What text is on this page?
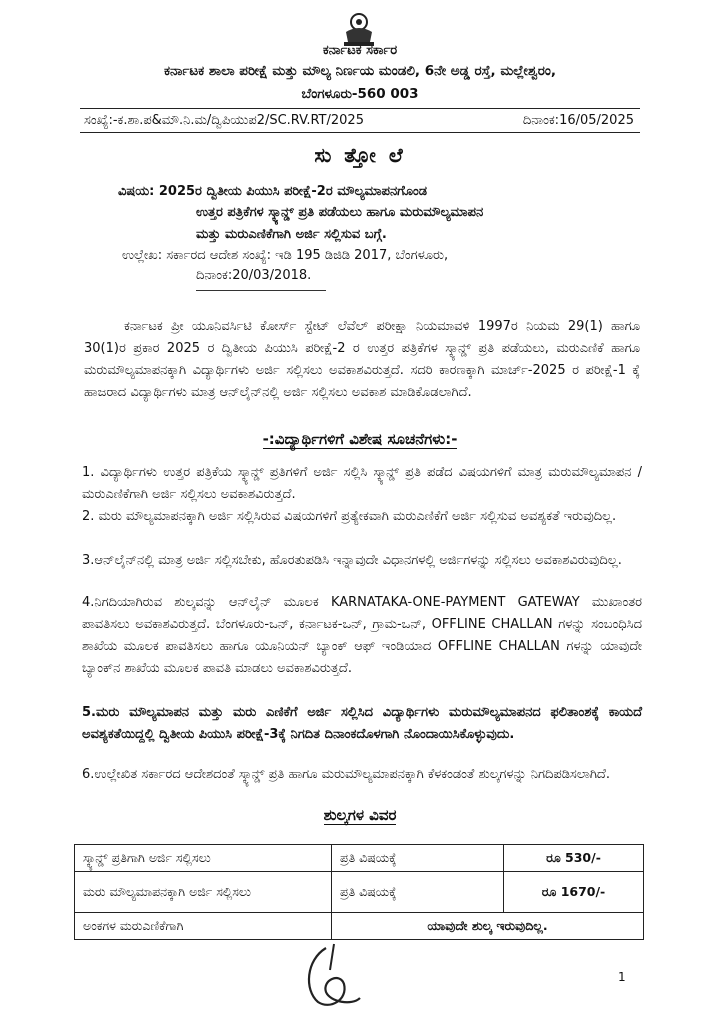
ಕರ್ನಾಟಕ ಸರ್ಕಾರ
ಕರ್ನಾಟಕ ಶಾಲಾ ಪರೀಕ್ಷೆ ಮತ್ತು ಮೌಲ್ಯ ನಿರ್ಣಯ ಮಂಡಲಿ, 6ನೇ ಅಡ್ಡ ರಸ್ತೆ, ಮಲ್ಲೇಶ್ವರಂ,
ಬೆಂಗಳೂರು-560 003
ಸಂಖ್ಯೆ:-ಕ.ಶಾ.ಪ&ಮೌ.ನಿ.ಮ/ದ್ವಿಪಿಯುಪ2/SC.RV.RT/2025	ದಿನಾಂಕ:16/05/2025
ಸು ತ್ತೋ ಲೆ
ವಿಷಯ: 2025ರ ದ್ವಿತೀಯ ಪಿಯುಸಿ ಪರೀಕ್ಷೆ-2ರ ಮೌಲ್ಯಮಾಪನಗೊಂಡ
ಉತ್ತರ ಪತ್ರಿಕೆಗಳ ಸ್ಕ್ಯಾನ್ಡ್ ಪ್ರತಿ ಪಡೆಯಲು ಹಾಗೂ ಮರುಮೌಲ್ಯಮಾಪನ
ಮತ್ತು ಮರುಎಣಿಕೆಗಾಗಿ ಅರ್ಜಿ ಸಲ್ಲಿಸುವ ಬಗ್ಗೆ.
ಉಲ್ಲೇಖ: ಸರ್ಕಾರದ ಆದೇಶ ಸಂಖ್ಯೆ: ಇಡಿ 195 ಡಿಜಿಡಿ 2017, ಬೆಂಗಳೂರು,
ದಿನಾಂಕ:20/03/2018.
ಕರ್ನಾಟಕ ಪ್ರೀ ಯೂನಿವರ್ಸಿಟಿ ಕೋರ್ಸ್ ಸ್ಟೇಟ್ ಲೆವೆಲ್ ಪರೀಕ್ಷಾ ನಿಯಮಾವಳಿ 1997ರ ನಿಯಮ 29(1) ಹಾಗೂ 30(1)ರ ಪ್ರಕಾರ 2025 ರ ದ್ವಿತೀಯ ಪಿಯುಸಿ ಪರೀಕ್ಷೆ-2 ರ ಉತ್ತರ ಪತ್ರಿಕೆಗಳ ಸ್ಕ್ಯಾನ್ಡ್ ಪ್ರತಿ ಪಡೆಯಲು, ಮರುಎಣಿಕೆ ಹಾಗೂ ಮರುಮೌಲ್ಯಮಾಪನಕ್ಕಾಗಿ ವಿದ್ಯಾರ್ಥಿಗಳು ಅರ್ಜಿ ಸಲ್ಲಿಸಲು ಅವಕಾಶವಿರುತ್ತದೆ. ಸದರಿ ಕಾರಣಕ್ಕಾಗಿ ಮಾರ್ಚ್-2025 ರ ಪರೀಕ್ಷೆ-1 ಕ್ಕೆ ಹಾಜರಾದ ವಿದ್ಯಾರ್ಥಿಗಳು ಮಾತ್ರ ಆನ್‌ಲೈನ್‌ನಲ್ಲಿ ಅರ್ಜಿ ಸಲ್ಲಿಸಲು ಅವಕಾಶ ಮಾಡಿಕೊಡಲಾಗಿದೆ.
-:ವಿದ್ಯಾರ್ಥಿಗಳಿಗೆ ವಿಶೇಷ ಸೂಚನೆಗಳು:-
1. ವಿದ್ಯಾರ್ಥಿಗಳು ಉತ್ತರ ಪತ್ರಿಕೆಯ ಸ್ಕ್ಯಾನ್ಡ್ ಪ್ರತಿಗಳಿಗೆ ಅರ್ಜಿ ಸಲ್ಲಿಸಿ ಸ್ಕ್ಯಾನ್ಡ್ ಪ್ರತಿ ಪಡೆದ ವಿಷಯಗಳಿಗೆ ಮಾತ್ರ ಮರುಮೌಲ್ಯಮಾಪನ /ಮರುಎಣಿಕೆಗಾಗಿ ಅರ್ಜಿ ಸಲ್ಲಿಸಲು ಅವಕಾಶವಿರುತ್ತದೆ.
2. ಮರು ಮೌಲ್ಯಮಾಪನಕ್ಕಾಗಿ ಅರ್ಜಿ ಸಲ್ಲಿಸಿರುವ ವಿಷಯಗಳಿಗೆ ಪ್ರತ್ಯೇಕವಾಗಿ ಮರುಎಣಿಕೆಗೆ ಅರ್ಜಿ ಸಲ್ಲಿಸುವ ಅವಶ್ಯಕತೆ ಇರುವುದಿಲ್ಲ.
3.ಆನ್‌ಲೈನ್‌ನಲ್ಲಿ ಮಾತ್ರ ಅರ್ಜಿ ಸಲ್ಲಿಸಬೇಕು, ಹೊರತುಪಡಿಸಿ ಇನ್ನಾವುದೇ ವಿಧಾನಗಳಲ್ಲಿ ಅರ್ಜಿಗಳನ್ನು ಸಲ್ಲಿಸಲು ಅವಕಾಶವಿರುವುದಿಲ್ಲ.
4.ನಿಗದಿಯಾಗಿರುವ ಶುಲ್ಕವನ್ನು ಆನ್‌ಲೈನ್ ಮೂಲಕ KARNATAKA-ONE-PAYMENT GATEWAY ಮುಖಾಂತರ ಪಾವತಿಸಲು ಅವಕಾಶವಿರುತ್ತದೆ. ಬೆಂಗಳೂರು-ಒನ್, ಕರ್ನಾಟಕ-ಒನ್, ಗ್ರಾಮ-ಒನ್, OFFLINE CHALLAN ಗಳನ್ನು ಸಂಬಂಧಿಸಿದ ಶಾಖೆಯ ಮೂಲಕ ಪಾವತಿಸಲು ಹಾಗೂ ಯೂನಿಯನ್ ಬ್ಯಾಂಕ್ ಆಫ್ ಇಂಡಿಯಾದ OFFLINE CHALLAN ಗಳನ್ನು ಯಾವುದೇ ಬ್ಯಾಂಕ್‌ನ ಶಾಖೆಯ ಮೂಲಕ ಪಾವತಿ ಮಾಡಲು ಅವಕಾಶವಿರುತ್ತದೆ.
5.ಮರು ಮೌಲ್ಯಮಾಪನ ಮತ್ತು ಮರು ಎಣಿಕೆಗೆ ಅರ್ಜಿ ಸಲ್ಲಿಸಿದ ವಿದ್ಯಾರ್ಥಿಗಳು ಮರುಮೌಲ್ಯಮಾಪನದ ಫಲಿತಾಂಶಕ್ಕೆ ಕಾಯದೆ ಅವಶ್ಯಕತೆಯಿದ್ದಲ್ಲಿ ದ್ವಿತೀಯ ಪಿಯುಸಿ ಪರೀಕ್ಷೆ-3ಕ್ಕೆ ನಿಗದಿತ ದಿನಾಂಕದೊಳಗಾಗಿ ನೊಂದಾಯಿಸಿಕೊಳ್ಳುವುದು.
6.ಉಲ್ಲೇಖಿತ ಸರ್ಕಾರದ ಆದೇಶದಂತೆ ಸ್ಕ್ಯಾನ್ಡ್ ಪ್ರತಿ ಹಾಗೂ ಮರುಮೌಲ್ಯಮಾಪನಕ್ಕಾಗಿ ಕೆಳಕಂಡಂತೆ ಶುಲ್ಕಗಳನ್ನು ನಿಗದಿಪಡಿಸಲಾಗಿದೆ.
ಶುಲ್ಕಗಳ ವಿವರ
ಸ್ಕ್ಯಾನ್ಡ್ ಪ್ರತಿಗಾಗಿ ಅರ್ಜಿ ಸಲ್ಲಿಸಲು	ಪ್ರತಿ ವಿಷಯಕ್ಕೆ	ರೂ 530/-
ಮರು ಮೌಲ್ಯಮಾಪನಕ್ಕಾಗಿ ಅರ್ಜಿ ಸಲ್ಲಿಸಲು	ಪ್ರತಿ ವಿಷಯಕ್ಕೆ	ರೂ 1670/-
ಅಂಕಗಳ ಮರುಎಣಿಕೆಗಾಗಿ	ಯಾವುದೇ ಶುಲ್ಕ ಇರುವುದಿಲ್ಲ.	
1
